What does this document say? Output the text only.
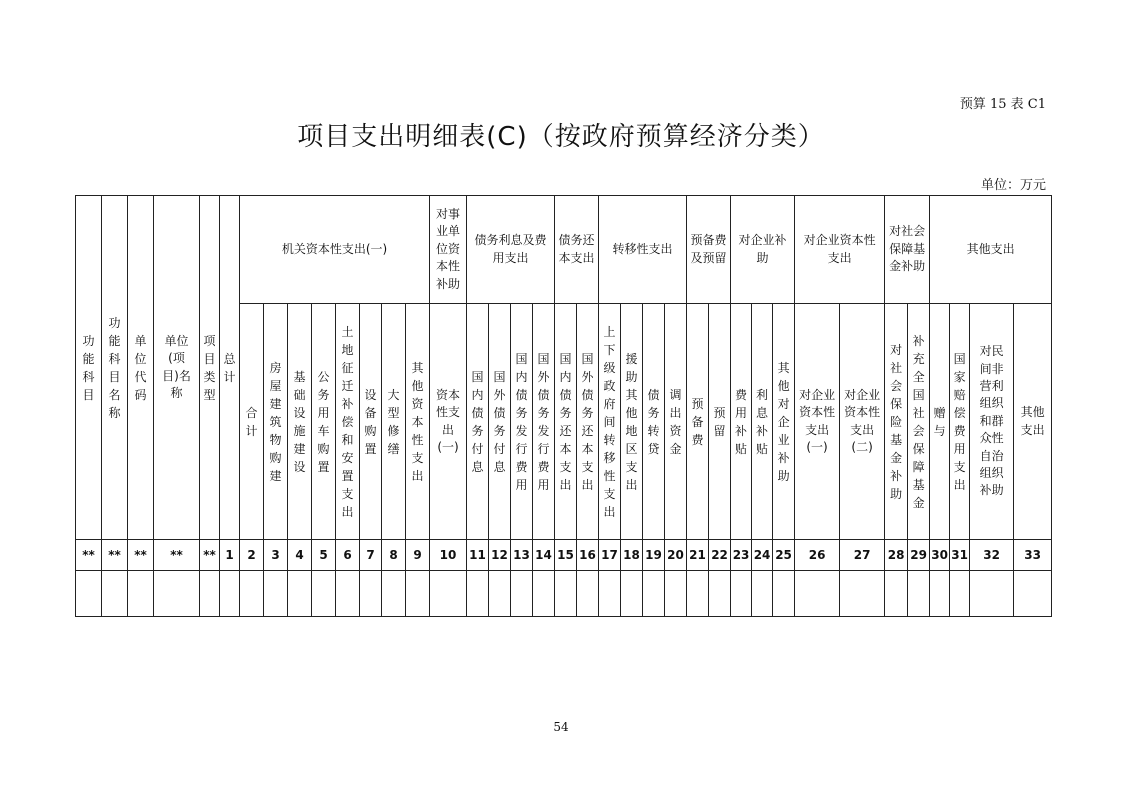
预算 15 表 C1
项目支出明细表(C)（按政府预算经济分类）
单位：万元
功能科目	功能科目名称	单位代码	单位(项目)名称	项目类型	总计	机关资本性支出(一)								对事业单位资本性补助	债务利息及费用支出				债务还本支出		转移性支出				预备费及预留		对企业补助			对企业资本性支出		对社会保障基金补助		其他支出			
						合计	房屋建筑物购建	基础设施建设	公务用车购置	土地征迁补偿和安置支出	设备购置	大型修缮	其他资本性支出	资本性支出(一)	国内债务付息	国外债务付息	国内债务发行费用	国外债务发行费用	国内债务还本支出	国外债务还本支出	上下级政府间转移性支出	援助其他地区支出	债务转贷	调出资金	预备费	预留	费用补贴	利息补贴	其他对企业补助	对企业资本性支出(一)	对企业资本性支出(二)	对社会保险基金补助	补充全国社会保障基金	赠与	国家赔偿费用支出	对民间非营利组织和群众性自治组织补助	其他支出
**	**	**	**	**	1	2	3	4	5	6	7	8	9	10	11	12	13	14	15	16	17	18	19	20	21	22	23	24	25	26	27	28	29	30	31	32	33

54
